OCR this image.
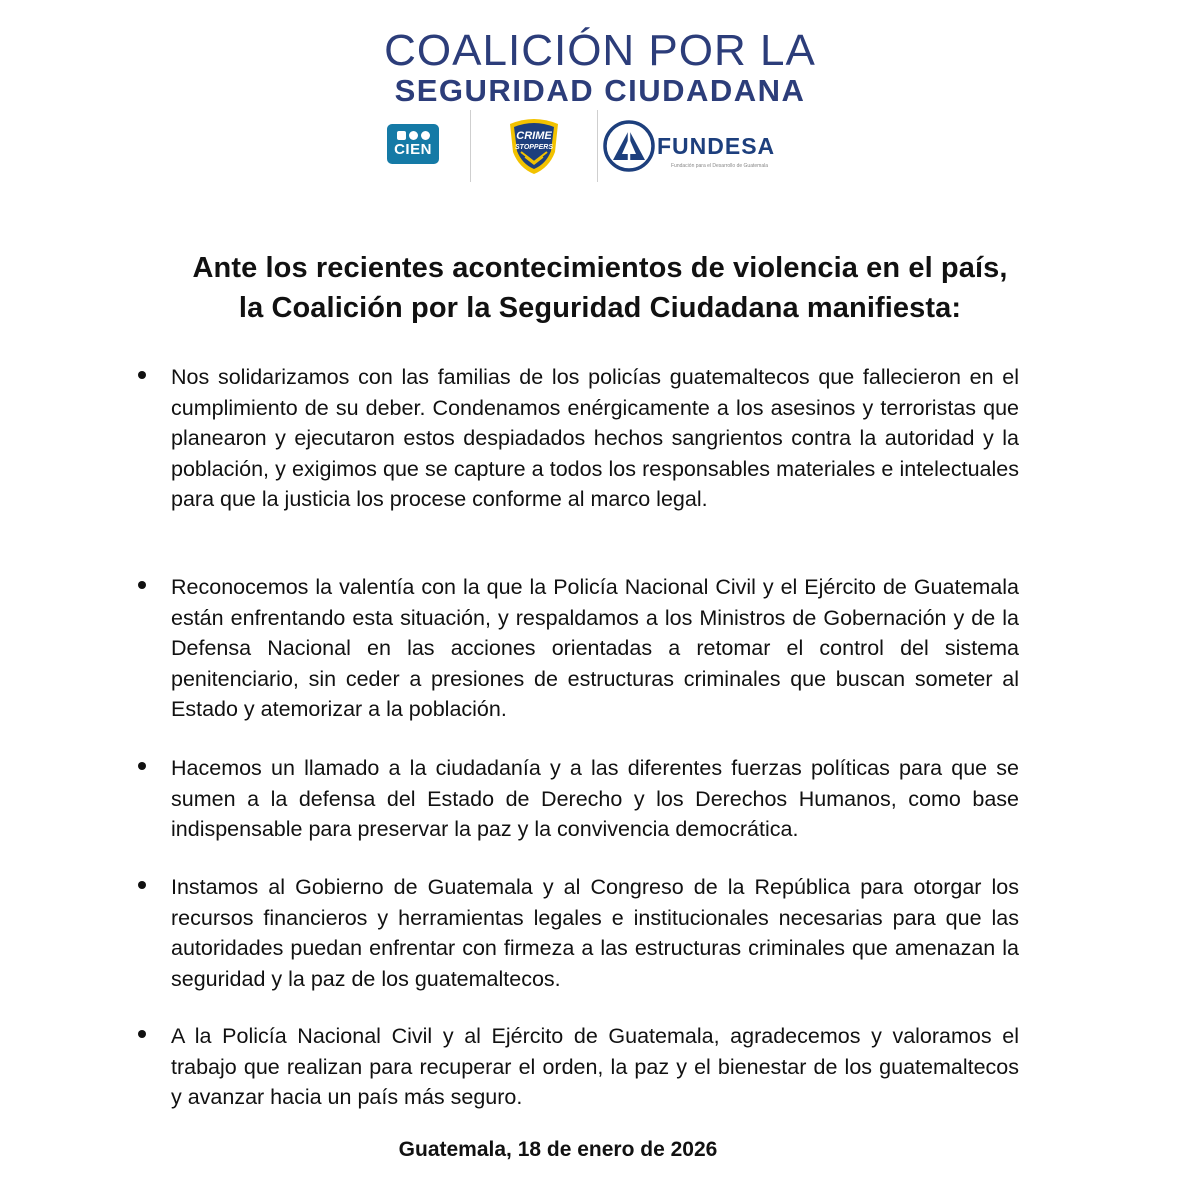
COALICIÓN POR LA
SEGURIDAD CIUDADANA
CIEN
CRIME
STOPPERS	FUNDESA
Fundación para el Desarrollo de Guatemala
Ante los recientes acontecimientos de violencia en el país,
la Coalición por la Seguridad Ciudadana manifiesta:
Nos solidarizamos con las familias de los policías guatemaltecos que fallecieron en el cumplimiento de su deber. Condenamos enérgicamente a los asesinos y terroristas que planearon y ejecutaron estos despiadados hechos sangrientos contra la autoridad y la población, y exigimos que se capture a todos los responsables materiales e intelectuales para que la justicia los procese conforme al marco legal.
Reconocemos la valentía con la que la Policía Nacional Civil y el Ejército de Guatemala están enfrentando esta situación, y respaldamos a los Ministros de Gobernación y de la Defensa Nacional en las acciones orientadas a retomar el control del sistema penitenciario, sin ceder a presiones de estructuras criminales que buscan someter al Estado y atemorizar a la población.
Hacemos un llamado a la ciudadanía y a las diferentes fuerzas políticas para que se sumen a la defensa del Estado de Derecho y los Derechos Humanos, como base indispensable para preservar la paz y la convivencia democrática.
Instamos al Gobierno de Guatemala y al Congreso de la República para otorgar los recursos financieros y herramientas legales e institucionales necesarias para que las autoridades puedan enfrentar con firmeza a las estructuras criminales que amenazan la seguridad y la paz de los guatemaltecos.
A la Policía Nacional Civil y al Ejército de Guatemala, agradecemos y valoramos el trabajo que realizan para recuperar el orden, la paz y el bienestar de los guatemaltecos y avanzar hacia un país más seguro.

Guatemala, 18 de enero de 2026
